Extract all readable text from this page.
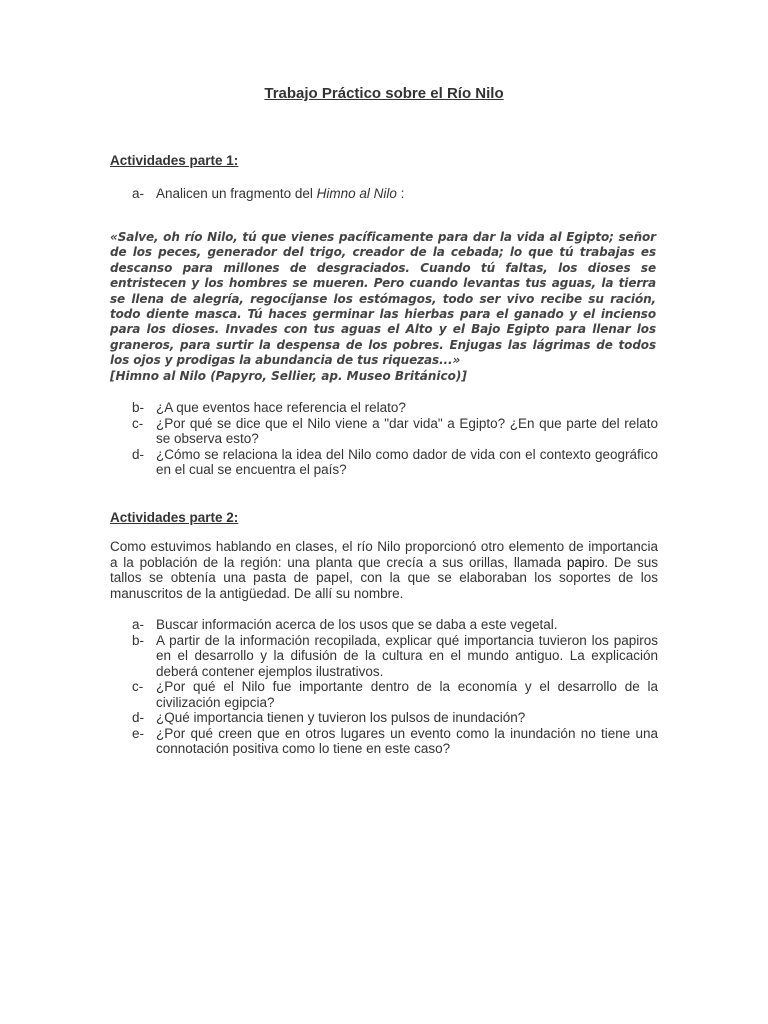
Trabajo Práctico sobre el Río Nilo
Actividades parte 1:
a- Analicen un fragmento del Himno al Nilo :
«Salve, oh río Nilo, tú que vienes pacíficamente para dar la vida al Egipto; señor de los peces, generador del trigo, creador de la cebada; lo que tú trabajas es descanso para millones de desgraciados. Cuando tú faltas, los dioses se entristecen y los hombres se mueren. Pero cuando levantas tus aguas, la tierra se llena de alegría, regocíjanse los estómagos, todo ser vivo recibe su ración, todo diente masca. Tú haces germinar las hierbas para el ganado y el incienso para los dioses. Invades con tus aguas el Alto y el Bajo Egipto para llenar los graneros, para surtir la despensa de los pobres. Enjugas las lágrimas de todos los ojos y prodigas la abundancia de tus riquezas...»
[Himno al Nilo (Papyro, Sellier, ap. Museo Británico)]
b- ¿A que eventos hace referencia el relato?
c- ¿Por qué se dice que el Nilo viene a "dar vida" a Egipto? ¿En que parte del relato se observa esto?
d- ¿Cómo se relaciona la idea del Nilo como dador de vida con el contexto geográfico en el cual se encuentra el país?
Actividades parte 2:
Como estuvimos hablando en clases, el río Nilo proporcionó otro elemento de importancia a la población de la región: una planta que crecía a sus orillas, llamada papiro. De sus tallos se obtenía una pasta de papel, con la que se elaboraban los soportes de los manuscritos de la antigüedad. De allí su nombre.
a- Buscar información acerca de los usos que se daba a este vegetal.
b- A partir de la información recopilada, explicar qué importancia tuvieron los papiros en el desarrollo y la difusión de la cultura en el mundo antiguo. La explicación deberá contener ejemplos ilustrativos.
c- ¿Por qué el Nilo fue importante dentro de la economía y el desarrollo de la civilización egipcia?
d- ¿Qué importancia tienen y tuvieron los pulsos de inundación?
e- ¿Por qué creen que en otros lugares un evento como la inundación no tiene una connotación positiva como lo tiene en este caso?
